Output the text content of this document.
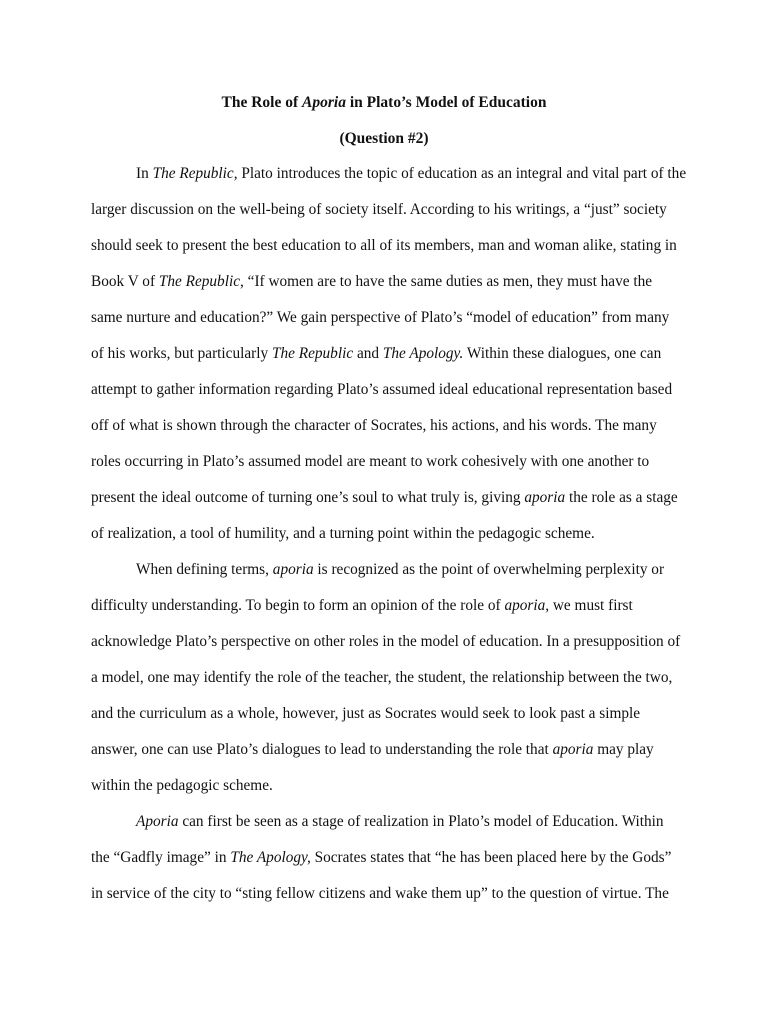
The Role of Aporia in Plato’s Model of Education
(Question #2)
In The Republic, Plato introduces the topic of education as an integral and vital part of the
larger discussion on the well-being of society itself. According to his writings, a “just” society
should seek to present the best education to all of its members, man and woman alike, stating in
Book V of The Republic, “If women are to have the same duties as men, they must have the
same nurture and education?” We gain perspective of Plato’s “model of education” from many
of his works, but particularly The Republic and The Apology. Within these dialogues, one can
attempt to gather information regarding Plato’s assumed ideal educational representation based
off of what is shown through the character of Socrates, his actions, and his words. The many
roles occurring in Plato’s assumed model are meant to work cohesively with one another to
present the ideal outcome of turning one’s soul to what truly is, giving aporia the role as a stage
of realization, a tool of humility, and a turning point within the pedagogic scheme.
When defining terms, aporia is recognized as the point of overwhelming perplexity or
difficulty understanding. To begin to form an opinion of the role of aporia, we must first
acknowledge Plato’s perspective on other roles in the model of education. In a presupposition of
a model, one may identify the role of the teacher, the student, the relationship between the two,
and the curriculum as a whole, however, just as Socrates would seek to look past a simple
answer, one can use Plato’s dialogues to lead to understanding the role that aporia may play
within the pedagogic scheme.
Aporia can first be seen as a stage of realization in Plato’s model of Education. Within
the “Gadfly image” in The Apology, Socrates states that “he has been placed here by the Gods”
in service of the city to “sting fellow citizens and wake them up” to the question of virtue. The
